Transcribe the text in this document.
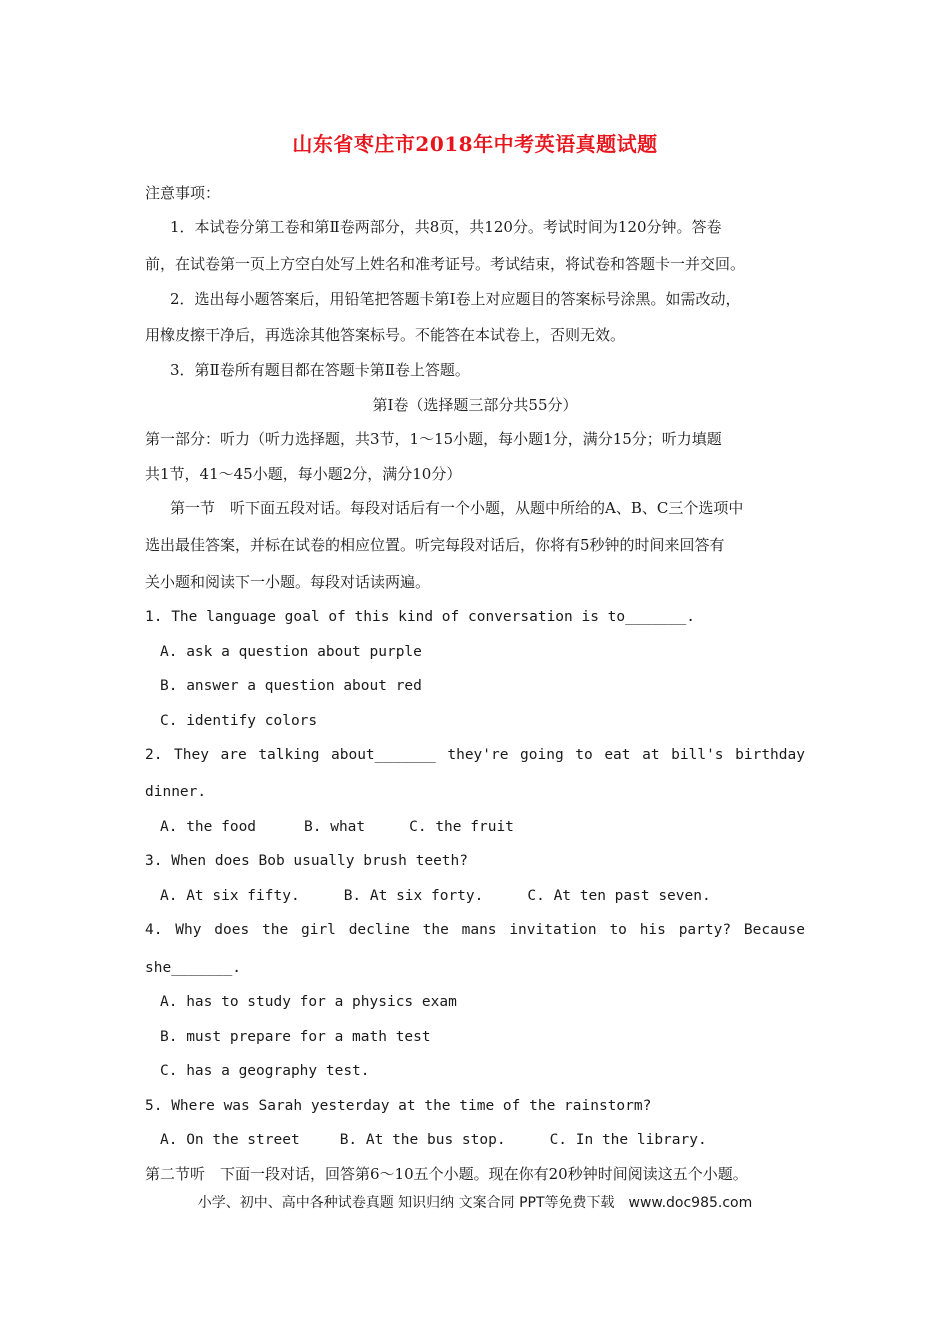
山东省枣庄市2018年中考英语真题试题
注意事项：
1．本试卷分第工卷和第Ⅱ卷两部分，共8页，共120分。考试时间为120分钟。答卷
前，在试卷第一页上方空白处写上姓名和准考证号。考试结束，将试卷和答题卡一并交回。
2．选出每小题答案后，用铅笔把答题卡第Ⅰ卷上对应题目的答案标号涂黑。如需改动，
用橡皮擦干净后，再选涂其他答案标号。不能答在本试卷上，否则无效。
3．第Ⅱ卷所有题目都在答题卡第Ⅱ卷上答题。
第Ⅰ卷（选择题三部分共55分）
第一部分：听力（听力选择题，共3节，1～15小题，每小题1分，满分15分；听力填题
共1节，41～45小题，每小题2分，满分10分）
第一节　听下面五段对话。每段对话后有一个小题，从题中所给的A、B、C三个选项中
选出最佳答案，并标在试卷的相应位置。听完每段对话后，你将有5秒钟的时间来回答有
关小题和阅读下一小题。每段对话读两遍。
1. The language goal of this kind of conversation is to_______.
A. ask a question about purple
B. answer a question about red
C. identify colors
2. They are talking about_______ they're going to eat at bill's birthday
dinner.
A. the food	B. what	C. the fruit
3. When does Bob usually brush teeth?
A. At six fifty.	B. At six forty.	C. At ten past seven.
4. Why does the girl decline the mans invitation to his party? Because
she_______.
A. has to study for a physics exam
B. must prepare for a math test
C. has a geography test.
5. Where was Sarah yesterday at the time of the rainstorm?
A. On the street	B. At the bus stop.	C. In the library.
第二节听　下面一段对话，回答第6～10五个小题。现在你有20秒钟时间阅读这五个小题。
小学、初中、高中各种试卷真题 知识归纳 文案合同 PPT等免费下载　www.doc985.com
